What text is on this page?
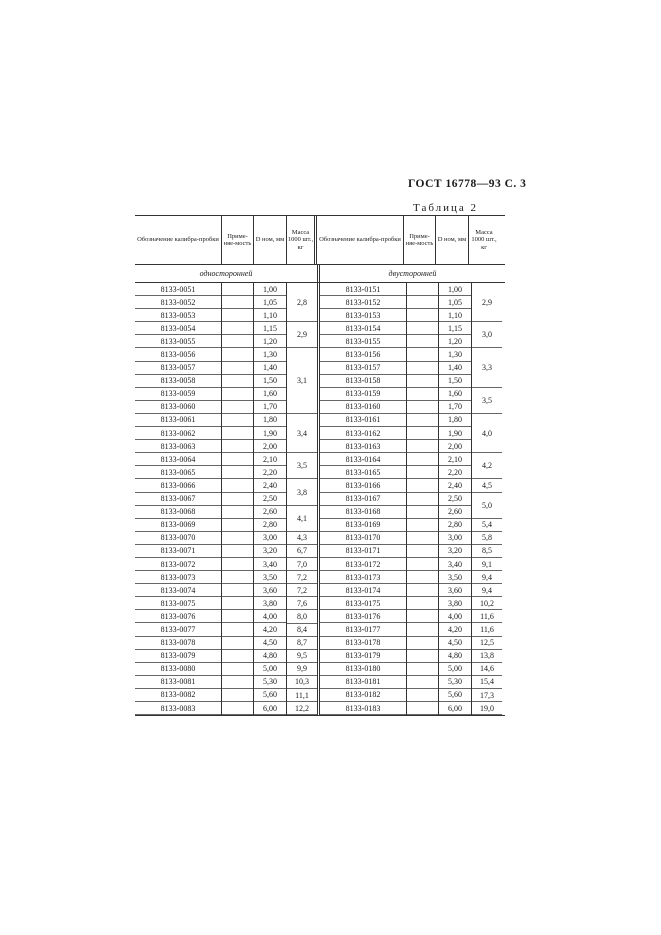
ГОСТ 16778—93 С. 3
Таблица 2
Обозначение калибра-пробки
Приме-няе-мость
D ном, мм
Масса 1000 шт., кг
Обозначение калибра-пробки
Приме-няе-мость
D ном, мм
Масса 1000 шт., кг
односторонней	двусторонней
8133-0051
8133-0052
8133-0053
8133-0054
8133-0055
8133-0056
8133-0057
8133-0058
8133-0059
8133-0060
8133-0061
8133-0062
8133-0063
8133-0064
8133-0065
8133-0066
8133-0067
8133-0068
8133-0069
8133-0070
8133-0071
8133-0072
8133-0073
8133-0074
8133-0075
8133-0076
8133-0077
8133-0078
8133-0079
8133-0080
8133-0081
8133-0082
8133-0083
1,00
1,05
1,10
1,15
1,20
1,30
1,40
1,50
1,60
1,70
1,80
1,90
2,00
2,10
2,20
2,40
2,50
2,60
2,80
3,00
3,20
3,40
3,50
3,60
3,80
4,00
4,20
4,50
4,80
5,00
5,30
5,60
6,00
2,8
2,9
3,1
3,4
3,5
3,8
4,1
4,3
6,7
7,0
7,2
7,2
7,6
8,0
8,4
8,7
9,5
9,9
10,3
11,1
12,2
8133-0151
8133-0152
8133-0153
8133-0154
8133-0155
8133-0156
8133-0157
8133-0158
8133-0159
8133-0160
8133-0161
8133-0162
8133-0163
8133-0164
8133-0165
8133-0166
8133-0167
8133-0168
8133-0169
8133-0170
8133-0171
8133-0172
8133-0173
8133-0174
8133-0175
8133-0176
8133-0177
8133-0178
8133-0179
8133-0180
8133-0181
8133-0182
8133-0183
1,00
1,05
1,10
1,15
1,20
1,30
1,40
1,50
1,60
1,70
1,80
1,90
2,00
2,10
2,20
2,40
2,50
2,60
2,80
3,00
3,20
3,40
3,50
3,60
3,80
4,00
4,20
4,50
4,80
5,00
5,30
5,60
6,00
2,9
3,0
3,3
3,5
4,0
4,2
4,5
5,0
5,4
5,8
8,5
9,1
9,4
9,4
10,2
11,6
11,6
12,5
13,8
14,6
15,4
17,3
19,0
